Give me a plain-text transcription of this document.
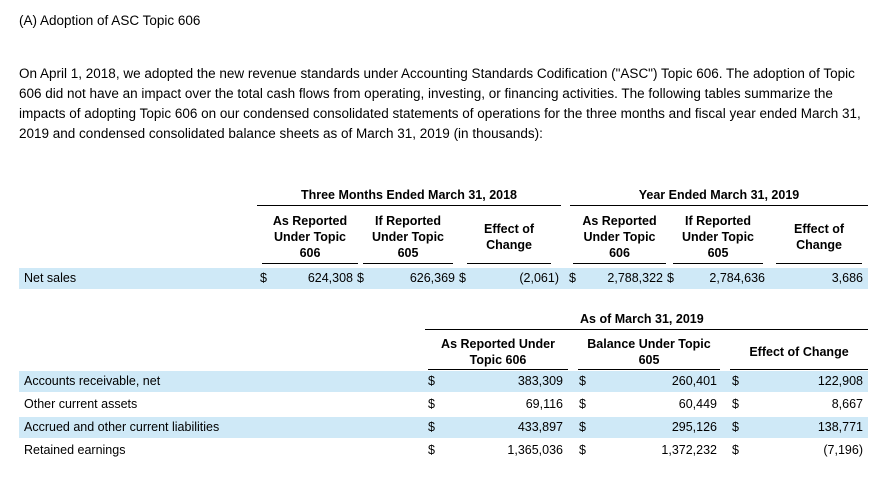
(A) Adoption of ASC Topic 606
On April 1, 2018, we adopted the new revenue standards under Accounting Standards Codification ("ASC") Topic 606. The adoption of Topic 606 did not have an impact over the total cash flows from operating, investing, or financing activities. The following tables summarize the impacts of adopting Topic 606 on our condensed consolidated statements of operations for the three months and fiscal year ended March 31, 2019 and condensed consolidated balance sheets as of March 31, 2019 (in thousands):
Three Months Ended March 31, 2018	Year Ended March 31, 2019
As Reported Under Topic 606
If Reported Under Topic 605
Effect of Change
As Reported Under Topic 606
If Reported Under Topic 605
Effect of Change
Net sales	$	624,308 $	626,369 $	(2,061) $	2,788,322 $	2,784,636	3,686
As of March 31, 2019
As Reported Under Topic 606
Balance Under Topic 605
Effect of Change
Accounts receivable, net	$	383,309 $	260,401 $	122,908
Other current assets	$	69,116 $	60,449 $	8,667
Accrued and other current liabilities	$	433,897 $	295,126 $	138,771
Retained earnings	$	1,365,036 $	1,372,232 $	(7,196)
